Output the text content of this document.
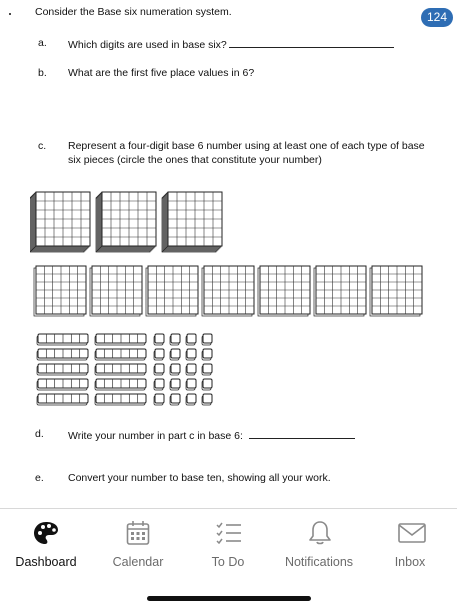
Consider the Base six numeration system.
a. Which digits are used in base six?
b. What are the first five place values in 6?
c. Represent a four-digit base 6 number using at least one of each type of base six pieces (circle the ones that constitute your number)
d. Write your number in part c in base 6:
e. Convert your number to base ten, showing all your work.
Dashboard	Calendar	To Do	Notifications	Inbox
124
